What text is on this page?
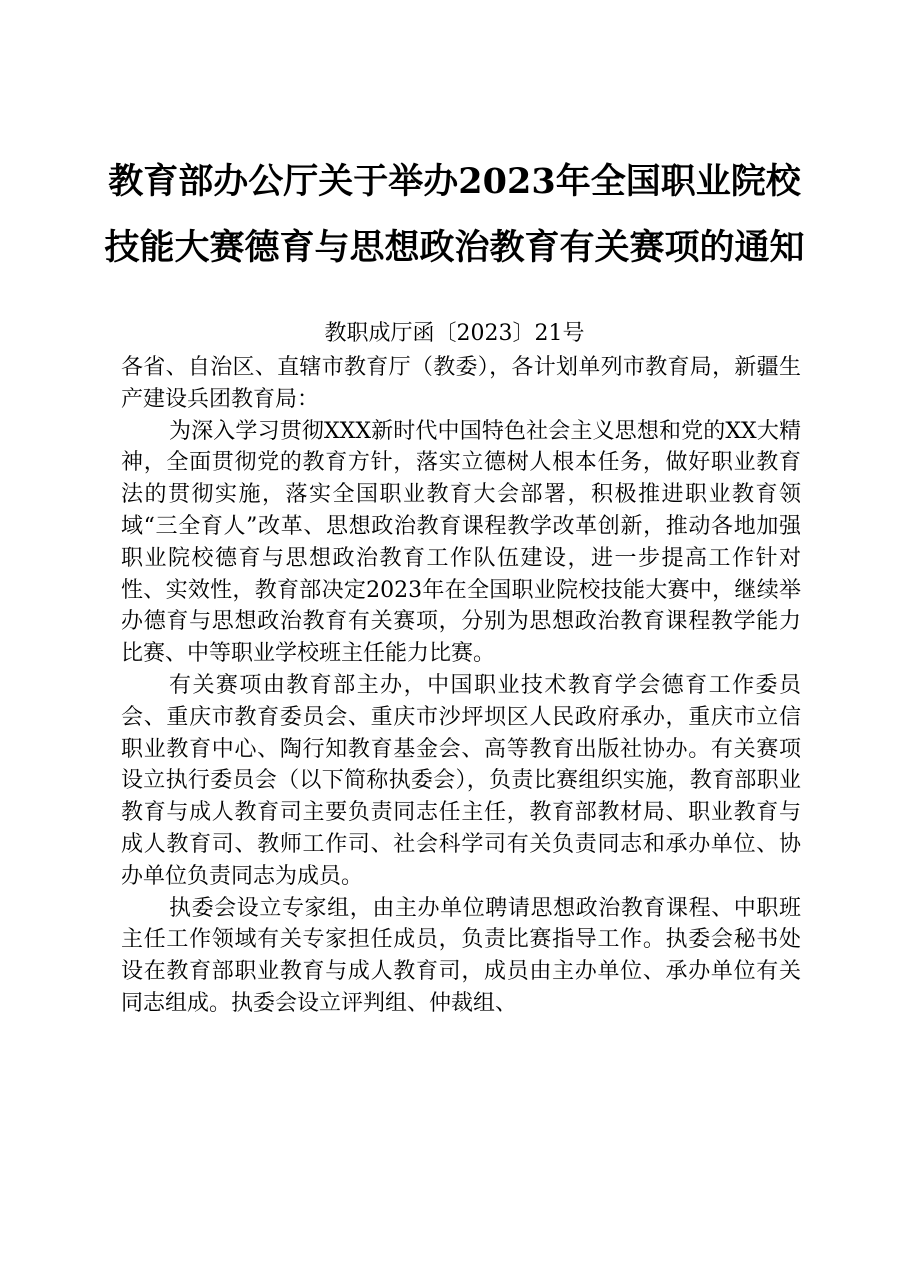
教育部办公厅关于举办2023年全国职业院校
技能大赛德育与思想政治教育有关赛项的通知
教职成厅函〔2023〕21号

各省、自治区、直辖市教育厅（教委），各计划单列市教育局，新疆生产建设兵团教育局：

为深入学习贯彻XXX新时代中国特色社会主义思想和党的XX大精神，全面贯彻党的教育方针，落实立德树人根本任务，做好职业教育法的贯彻实施，落实全国职业教育大会部署，积极推进职业教育领域“三全育人”改革、思想政治教育课程教学改革创新，推动各地加强职业院校德育与思想政治教育工作队伍建设，进一步提高工作针对性、实效性，教育部决定2023年在全国职业院校技能大赛中，继续举办德育与思想政治教育有关赛项，分别为思想政治教育课程教学能力比赛、中等职业学校班主任能力比赛。

有关赛项由教育部主办，中国职业技术教育学会德育工作委员会、重庆市教育委员会、重庆市沙坪坝区人民政府承办，重庆市立信职业教育中心、陶行知教育基金会、高等教育出版社协办。有关赛项设立执行委员会（以下简称执委会），负责比赛组织实施，教育部职业教育与成人教育司主要负责同志任主任，教育部教材局、职业教育与成人教育司、教师工作司、社会科学司有关负责同志和承办单位、协办单位负责同志为成员。

执委会设立专家组，由主办单位聘请思想政治教育课程、中职班主任工作领域有关专家担任成员，负责比赛指导工作。执委会秘书处设在教育部职业教育与成人教育司，成员由主办单位、承办单位有关同志组成。执委会设立评判组、仲裁组、
